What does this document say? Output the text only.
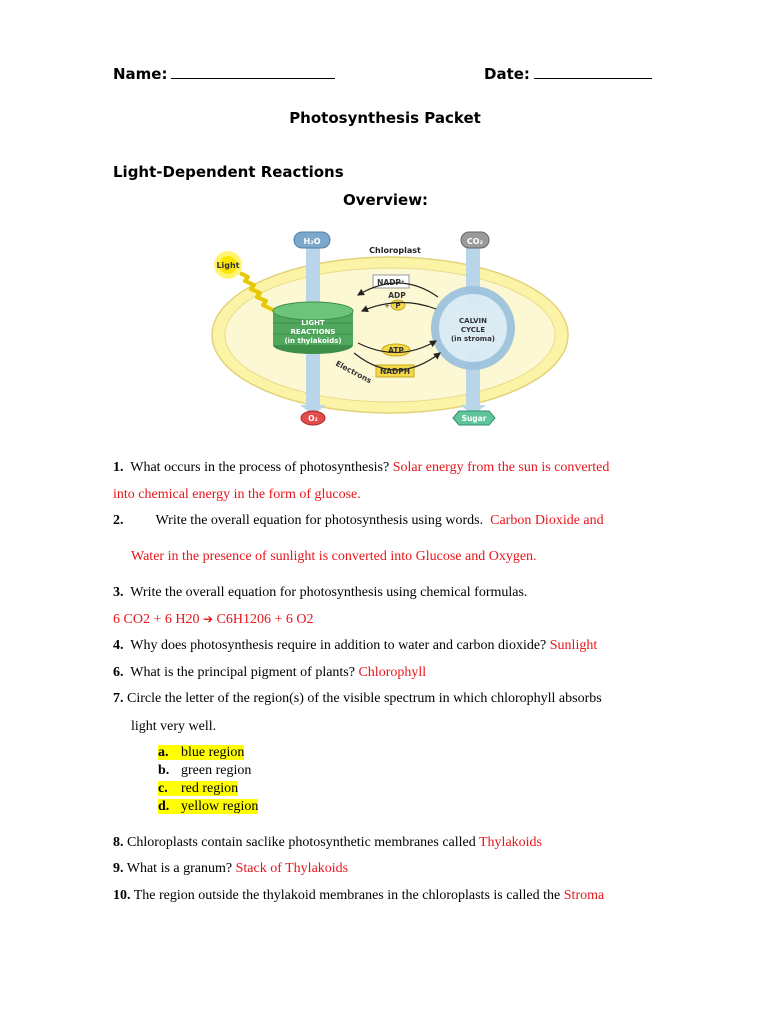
Name:	Date:
Photosynthesis Packet
Light-Dependent Reactions
Overview:
H₂O	CO₂
Chloroplast
Light
LIGHT
REACTIONS
(in thylakoids)
CALVIN
CYCLE
(in stroma)
NADP⁺
ADP
+ P
ATP
NADPH
Electrons
O₂	Sugar
1. What occurs in the process of photosynthesis? Solar energy from the sun is converted
into chemical energy in the form of glucose.
2. Write the overall equation for photosynthesis using words. Carbon Dioxide and
Water in the presence of sunlight is converted into Glucose and Oxygen.
3. Write the overall equation for photosynthesis using chemical formulas.
6 CO2 + 6 H20 ➔ C6H1206 + 6 O2
4. Why does photosynthesis require in addition to water and carbon dioxide? Sunlight
6. What is the principal pigment of plants? Chlorophyll
7. Circle the letter of the region(s) of the visible spectrum in which chlorophyll absorbs
light very well.
a. blue region
b. green region
c. red region
d. yellow region
8. Chloroplasts contain saclike photosynthetic membranes called Thylakoids
9. What is a granum? Stack of Thylakoids
10. The region outside the thylakoid membranes in the chloroplasts is called the Stroma
